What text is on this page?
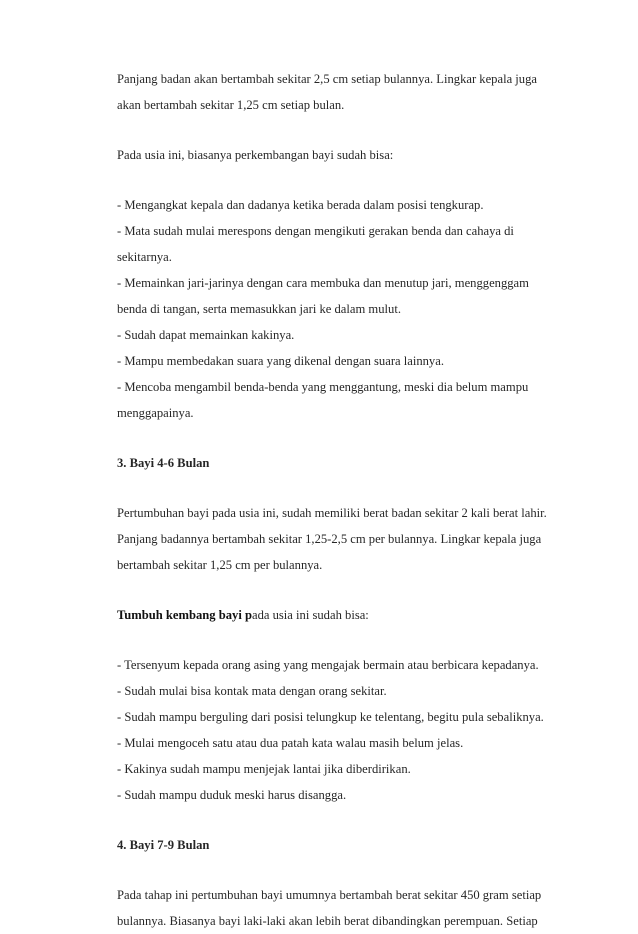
Panjang badan akan bertambah sekitar 2,5 cm setiap bulannya. Lingkar kepala juga
akan bertambah sekitar 1,25 cm setiap bulan.
Pada usia ini, biasanya perkembangan bayi sudah bisa:
- Mengangkat kepala dan dadanya ketika berada dalam posisi tengkurap.
- Mata sudah mulai merespons dengan mengikuti gerakan benda dan cahaya di
sekitarnya.
- Memainkan jari-jarinya dengan cara membuka dan menutup jari, menggenggam
benda di tangan, serta memasukkan jari ke dalam mulut.
- Sudah dapat memainkan kakinya.
- Mampu membedakan suara yang dikenal dengan suara lainnya.
- Mencoba mengambil benda-benda yang menggantung, meski dia belum mampu
menggapainya.
3. Bayi 4-6 Bulan
Pertumbuhan bayi pada usia ini, sudah memiliki berat badan sekitar 2 kali berat lahir.
Panjang badannya bertambah sekitar 1,25-2,5 cm per bulannya. Lingkar kepala juga
bertambah sekitar 1,25 cm per bulannya.
Tumbuh kembang bayi pada usia ini sudah bisa:
- Tersenyum kepada orang asing yang mengajak bermain atau berbicara kepadanya.
- Sudah mulai bisa kontak mata dengan orang sekitar.
- Sudah mampu berguling dari posisi telungkup ke telentang, begitu pula sebaliknya.
- Mulai mengoceh satu atau dua patah kata walau masih belum jelas.
- Kakinya sudah mampu menjejak lantai jika diberdirikan.
- Sudah mampu duduk meski harus disangga.
4. Bayi 7-9 Bulan
Pada tahap ini pertumbuhan bayi umumnya bertambah berat sekitar 450 gram setiap
bulannya. Biasanya bayi laki-laki akan lebih berat dibandingkan perempuan. Setiap
